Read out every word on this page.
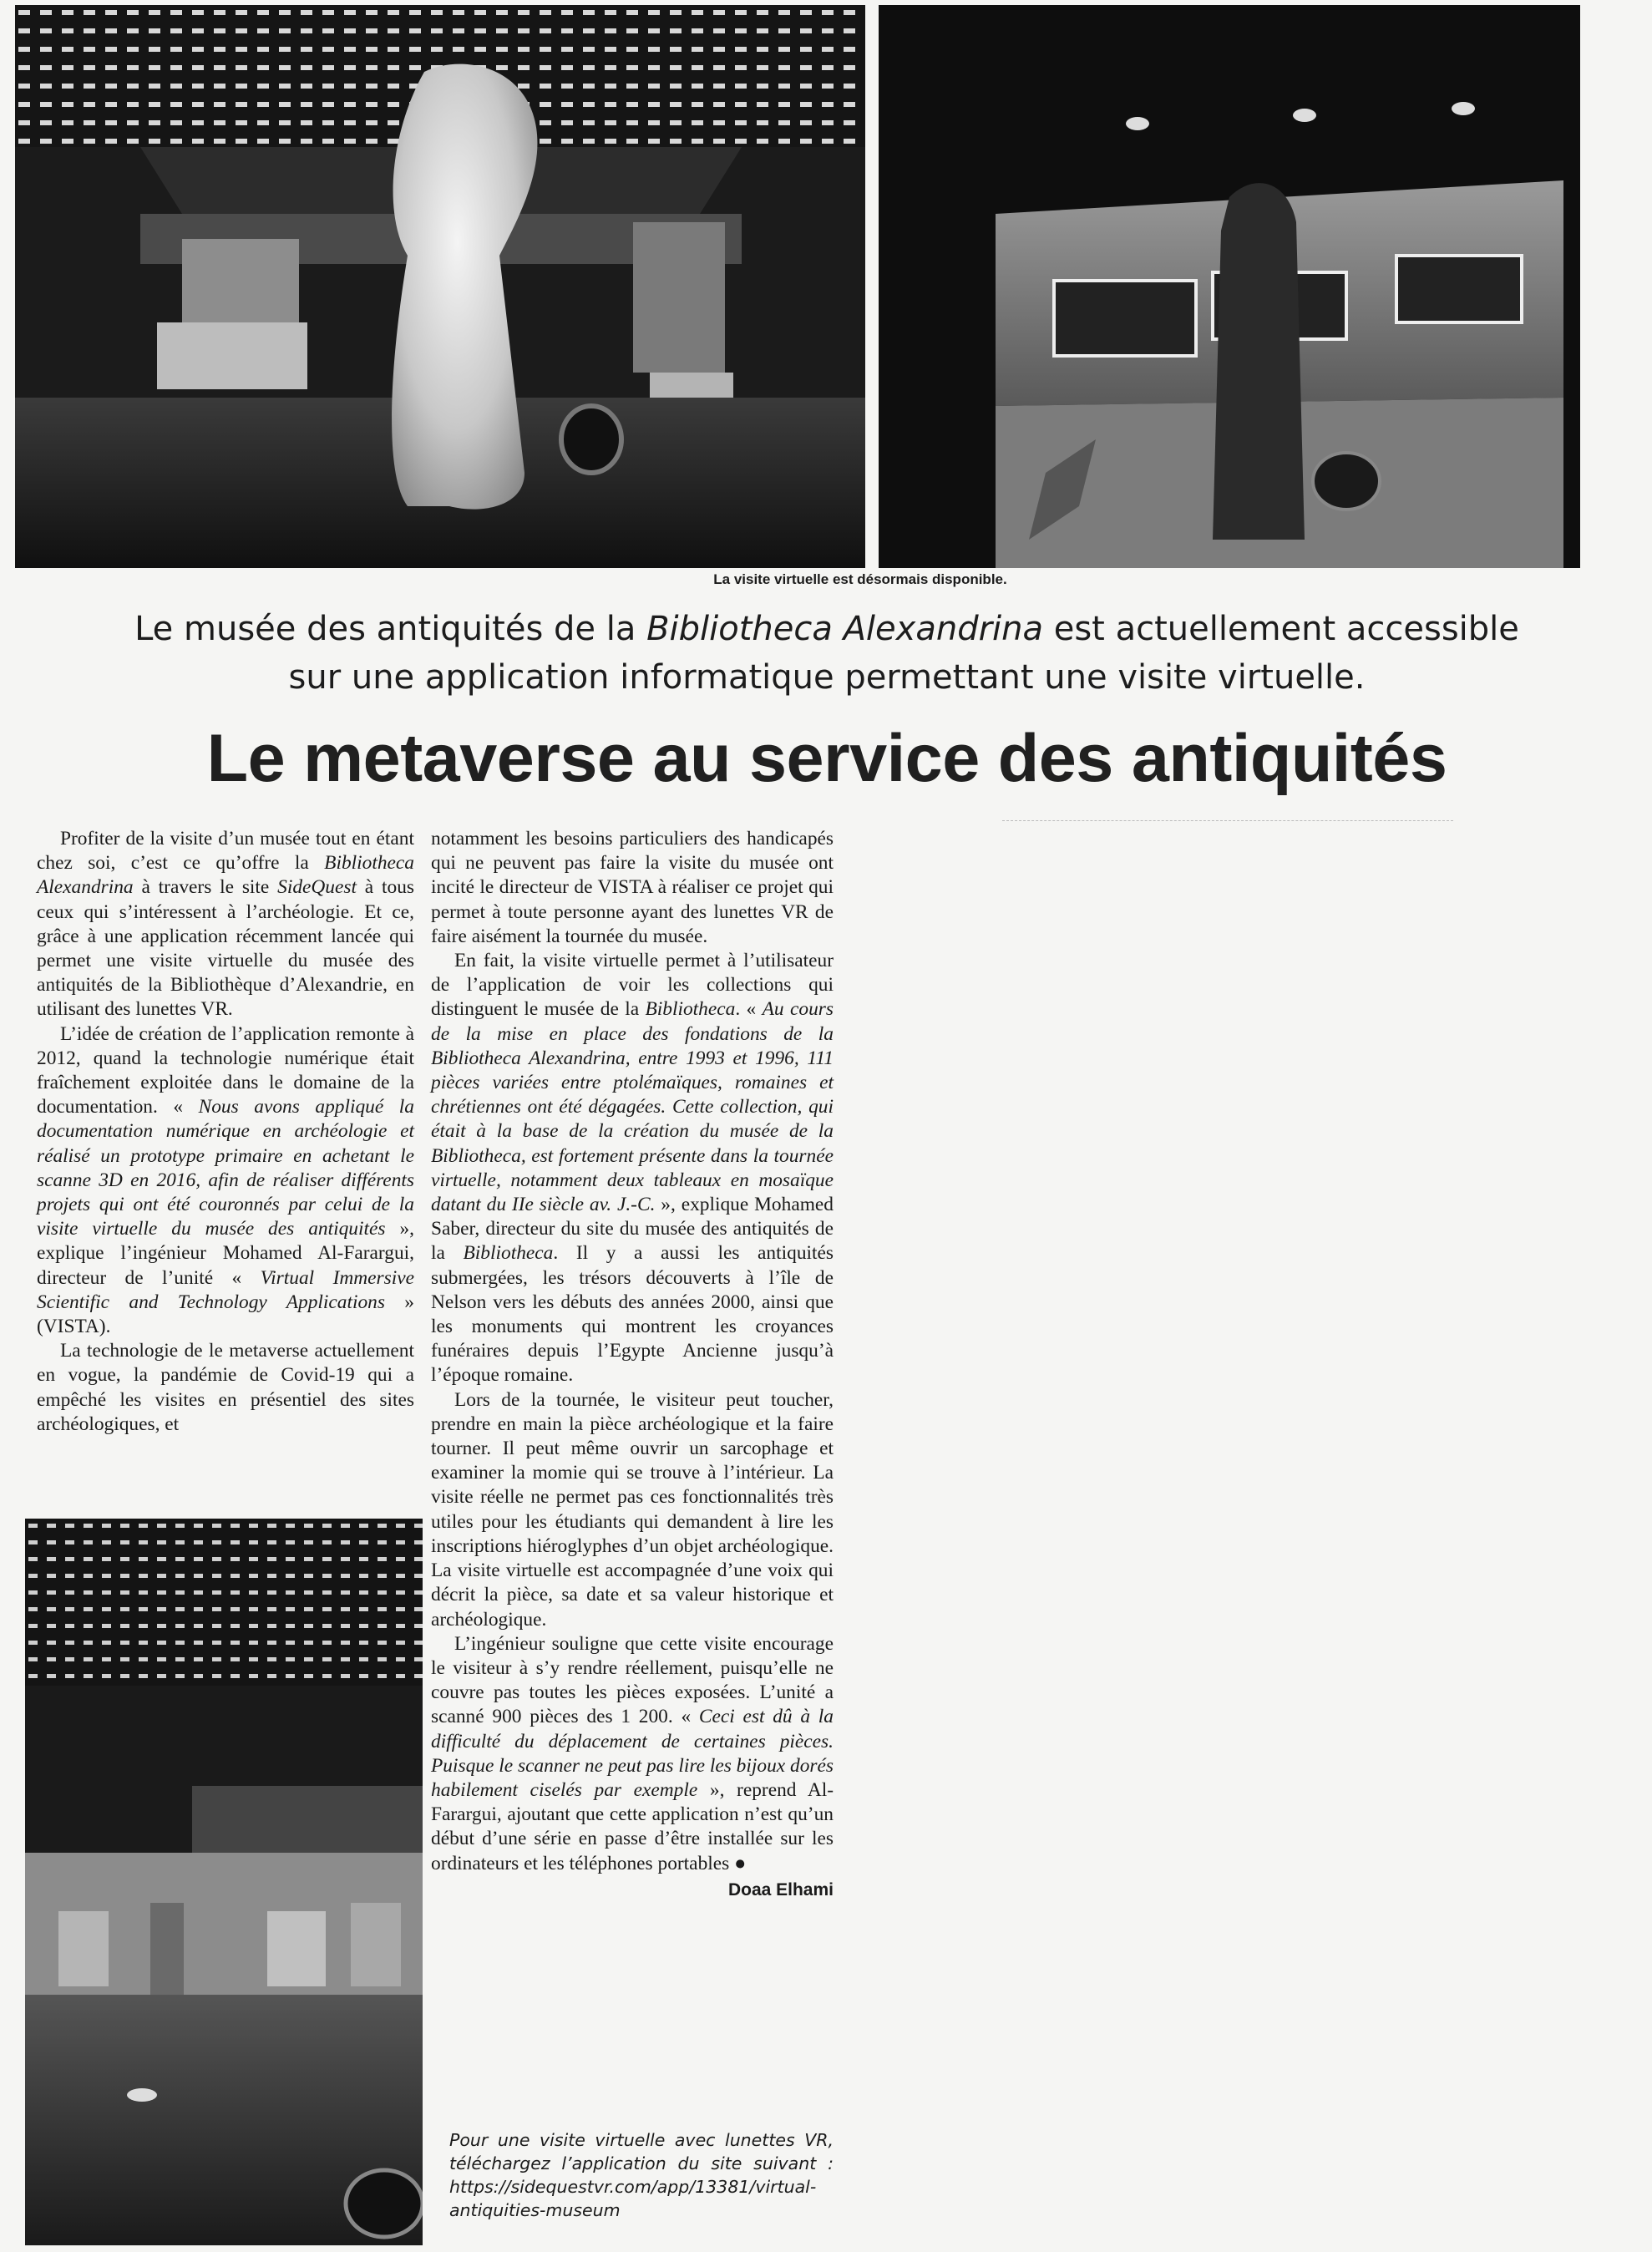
La visite virtuelle est désormais disponible.
Le musée des antiquités de la Bibliotheca Alexandrina est actuellement accessible
sur une application informatique permettant une visite virtuelle.
Le metaverse au service des antiquités

Profiter de la visite d’un musée tout en étant chez soi, c’est ce qu’offre la Bibliotheca Alexandrina à travers le site SideQuest à tous ceux qui s’intéressent à l’archéologie. Et ce, grâce à une application récemment lancée qui permet une visite virtuelle du musée des antiquités de la Bibliothèque d’Alexandrie, en utilisant des lunettes VR.

L’idée de création de l’application remonte à 2012, quand la technologie numérique était fraîchement exploitée dans le domaine de la documentation. « Nous avons appliqué la documentation numérique en archéologie et réalisé un prototype primaire en achetant le scanne 3D en 2016, afin de réaliser différents projets qui ont été couronnés par celui de la visite virtuelle du musée des antiquités », explique l’ingénieur Mohamed Al-Farargui, directeur de l’unité « Virtual Immersive Scientific and Technology Applications » (VISTA).

La technologie de le metaverse actuellement en vogue, la pandémie de Covid-19 qui a empêché les visites en présentiel des sites archéologiques, et

notamment les besoins particuliers des handicapés qui ne peuvent pas faire la visite du musée ont incité le directeur de VISTA à réaliser ce projet qui permet à toute personne ayant des lunettes VR de faire aisément la tournée du musée.

En fait, la visite virtuelle permet à l’utilisateur de l’application de voir les collections qui distinguent le musée de la Bibliotheca. « Au cours de la mise en place des fondations de la Bibliotheca Alexandrina, entre 1993 et 1996, 111 pièces variées entre ptolémaïques, romaines et chrétiennes ont été dégagées. Cette collection, qui était à la base de la création du musée de la Bibliotheca, est fortement présente dans la tournée virtuelle, notamment deux tableaux en mosaïque datant du IIe siècle av. J.-C. », explique Mohamed Saber, directeur du site du musée des antiquités de la Bibliotheca. Il y a aussi les antiquités submergées, les trésors découverts à l’île de Nelson vers les débuts des années 2000, ainsi que les monuments qui montrent les croyances funéraires depuis l’Egypte Ancienne jusqu’à l’époque romaine.

Lors de la tournée, le visiteur peut toucher, prendre en main la pièce archéologique et la faire tourner. Il peut même ouvrir un sarcophage et examiner la momie qui se trouve à l’intérieur. La visite réelle ne permet pas ces fonctionnalités très utiles pour les étudiants qui demandent à lire les inscriptions hiéroglyphes d’un objet archéologique. La visite virtuelle est accompagnée d’une voix qui décrit la pièce, sa date et sa valeur historique et archéologique.

L’ingénieur souligne que cette visite encourage le visiteur à s’y rendre réellement, puisqu’elle ne couvre pas toutes les pièces exposées. L’unité a scanné 900 pièces des 1 200. « Ceci est dû à la difficulté du déplacement de certaines pièces. Puisque le scanner ne peut pas lire les bijoux dorés habilement ciselés par exemple », reprend Al-Farargui, ajoutant que cette application n’est qu’un début d’une série en passe d’être installée sur les ordinateurs et les téléphones portables ●

Doaa Elhami
Pour une visite virtuelle avec lunettes VR, téléchargez l’application du site suivant : https://sidequestvr.com/app/13381/virtual-antiquities-museum
